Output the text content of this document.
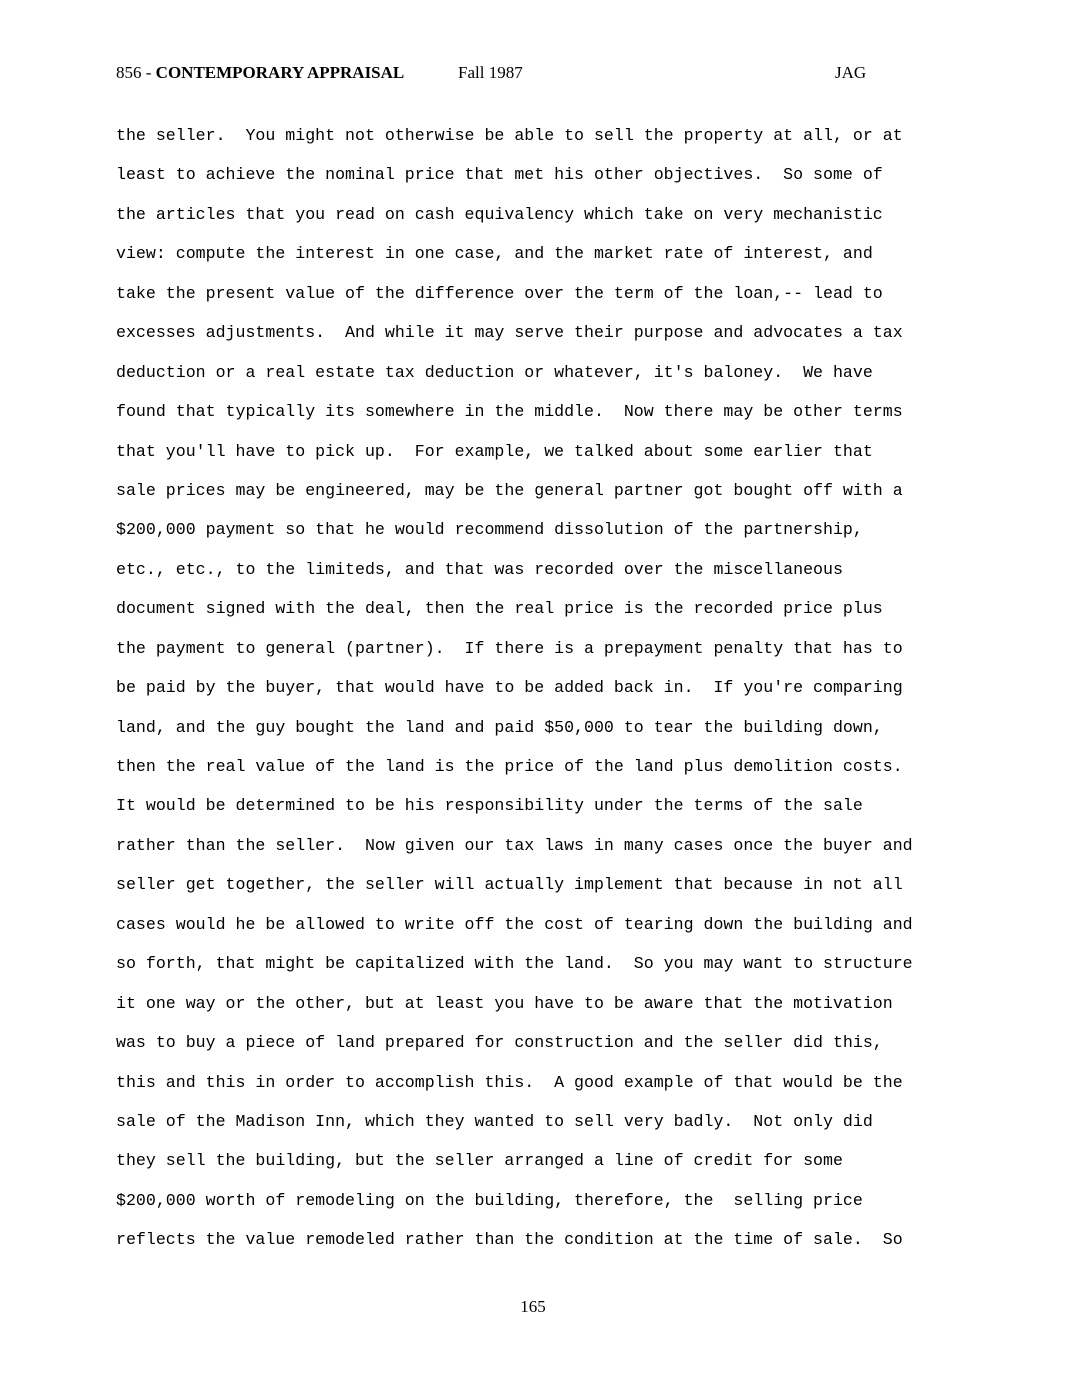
856 - CONTEMPORARY APPRAISAL	Fall 1987	JAG
the seller.  You might not otherwise be able to sell the property at all, or at
least to achieve the nominal price that met his other objectives.  So some of
the articles that you read on cash equivalency which take on very mechanistic
view: compute the interest in one case, and the market rate of interest, and
take the present value of the difference over the term of the loan,-- lead to
excesses adjustments.  And while it may serve their purpose and advocates a tax
deduction or a real estate tax deduction or whatever, it's baloney.  We have
found that typically its somewhere in the middle.  Now there may be other terms
that you'll have to pick up.  For example, we talked about some earlier that
sale prices may be engineered, may be the general partner got bought off with a
$200,000 payment so that he would recommend dissolution of the partnership,
etc., etc., to the limiteds, and that was recorded over the miscellaneous
document signed with the deal, then the real price is the recorded price plus
the payment to general (partner).  If there is a prepayment penalty that has to
be paid by the buyer, that would have to be added back in.  If you're comparing
land, and the guy bought the land and paid $50,000 to tear the building down,
then the real value of the land is the price of the land plus demolition costs.
It would be determined to be his responsibility under the terms of the sale
rather than the seller.  Now given our tax laws in many cases once the buyer and
seller get together, the seller will actually implement that because in not all
cases would he be allowed to write off the cost of tearing down the building and
so forth, that might be capitalized with the land.  So you may want to structure
it one way or the other, but at least you have to be aware that the motivation
was to buy a piece of land prepared for construction and the seller did this,
this and this in order to accomplish this.  A good example of that would be the
sale of the Madison Inn, which they wanted to sell very badly.  Not only did
they sell the building, but the seller arranged a line of credit for some
$200,000 worth of remodeling on the building, therefore, the  selling price
reflects the value remodeled rather than the condition at the time of sale.  So
165
